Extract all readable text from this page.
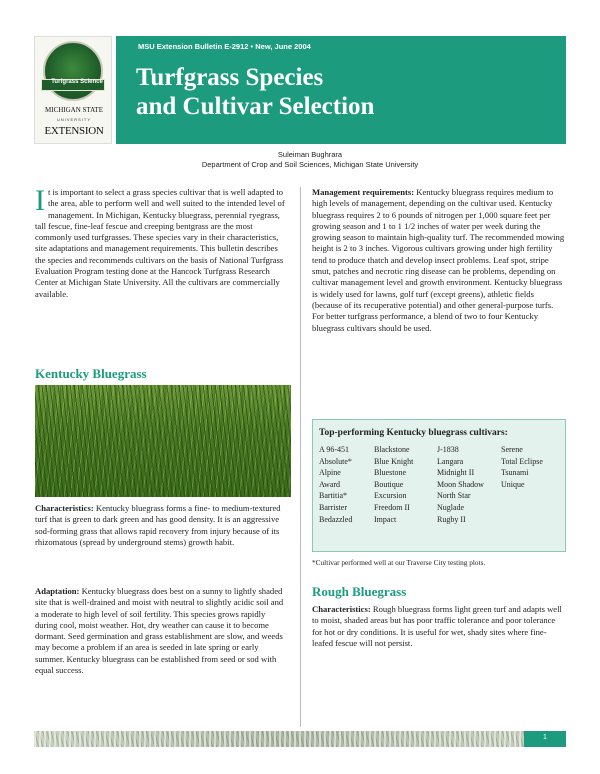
Turfgrass Science
MICHIGAN STATE
UNIVERSITY
EXTENSION
MSU Extension Bulletin E-2912 • New, June 2004
Turfgrass Species
and Cultivar Selection
Suleiman Bughrara
Department of Crop and Soil Sciences, Michigan State University
It is important to select a grass species cultivar that is well adapted to the area, able to perform well and well suited to the intended level of management. In Michigan, Kentucky bluegrass, perennial ryegrass, tall fescue, fine-leaf fescue and creeping bentgrass are the most commonly used turfgrasses. These species vary in their characteristics, site adaptations and management requirements. This bulletin describes the species and recommends cultivars on the basis of National Turfgrass Evaluation Program testing done at the Hancock Turfgrass Research Center at Michigan State University. All the cultivars are commercially available.
Kentucky Bluegrass
Characteristics: Kentucky bluegrass forms a fine- to medium-textured turf that is green to dark green and has good density. It is an aggressive sod-forming grass that allows rapid recovery from injury because of its rhizomatous (spread by underground stems) growth habit.
Adaptation: Kentucky bluegrass does best on a sunny to lightly shaded site that is well-drained and moist with neutral to slightly acidic soil and a moderate to high level of soil fertility. This species grows rapidly during cool, moist weather. Hot, dry weather can cause it to become dormant. Seed germination and grass establishment are slow, and weeds may become a problem if an area is seeded in late spring or early summer. Kentucky bluegrass can be established from seed or sod with equal success.
Management requirements: Kentucky bluegrass requires medium to high levels of management, depending on the cultivar used. Kentucky bluegrass requires 2 to 6 pounds of nitrogen per 1,000 square feet per growing season and 1 to 1 1/2 inches of water per week during the growing season to maintain high-quality turf. The recommended mowing height is 2 to 3 inches. Vigorous cultivars growing under high fertility tend to produce thatch and develop insect problems. Leaf spot, stripe smut, patches and necrotic ring disease can be problems, depending on cultivar management level and growth environment. Kentucky bluegrass is widely used for lawns, golf turf (except greens), athletic fields (because of its recuperative potential) and other general-purpose turfs. For better turfgrass performance, a blend of two to four Kentucky bluegrass cultivars should be used.
Top-performing Kentucky bluegrass cultivars:
A 96-451
Absolute*
Alpine
Award
Bartitia*
Barrister
Bedazzled
Blackstone
Blue Knight
Bluestone
Boutique
Excursion
Freedom II
Impact
J-1838
Langara
Midnight II
Moon Shadow
North Star
Nuglade
Rugby II
Serene
Total Eclipse
Tsunami
Unique
*Cultivar performed well at our Traverse City testing plots.
Rough Bluegrass
Characteristics: Rough bluegrass forms light green turf and adapts well to moist, shaded areas but has poor traffic tolerance and poor tolerance for hot or dry conditions. It is useful for wet, shady sites where fine-leafed fescue will not persist.
1
